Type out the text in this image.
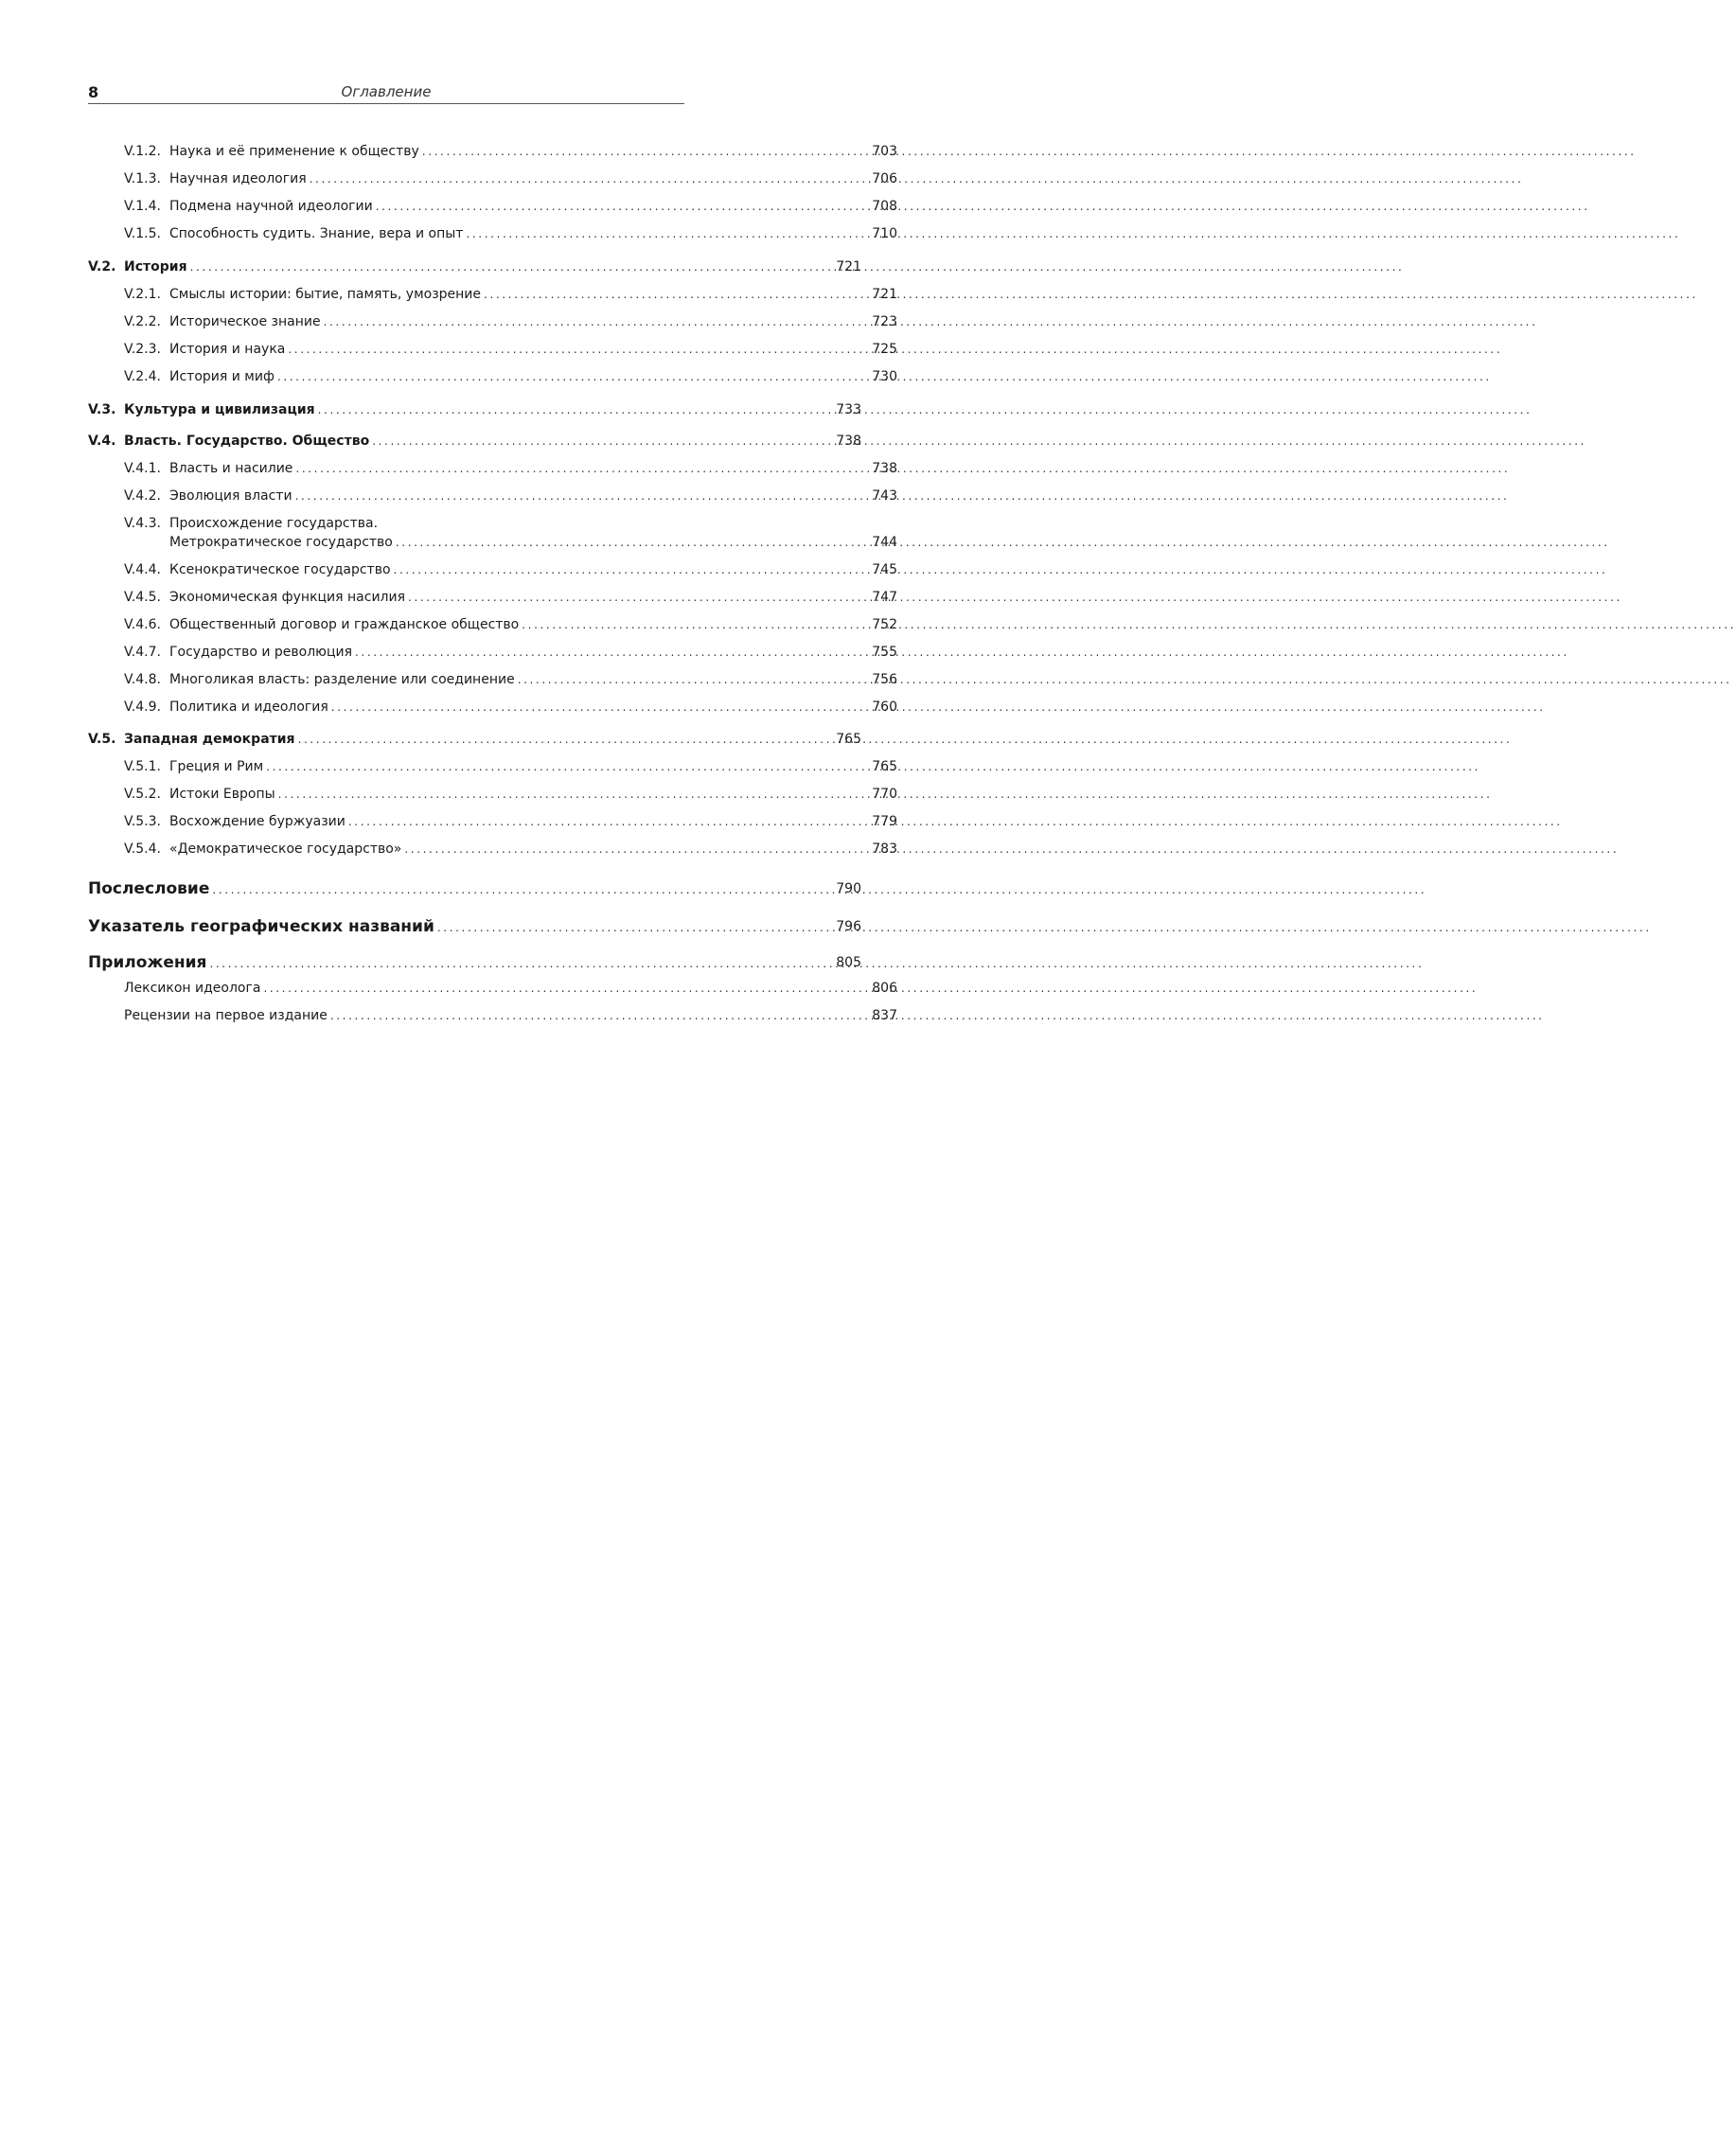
8	Оглавление
V.1.2. Наука и её применение к обществу .....	703
V.1.3. Научная идеология .....	706
V.1.4. Подмена научной идеологии .....	708
V.1.5. Способность судить. Знание, вера и опыт .....	710
V.2. История .....	721
V.2.1. Смыслы истории: бытие, память, умозрение .....	721
V.2.2. Историческое знание .....	723
V.2.3. История и наука .....	725
V.2.4. История и миф .....	730
V.3. Культура и цивилизация .....	733
V.4. Власть. Государство. Общество .....	738
V.4.1. Власть и насилие .....	738
V.4.2. Эволюция власти .....	743
V.4.3. Происхождение государства.
Метрократическое государство .....	744
V.4.4. Ксенократическое государство .....	745
V.4.5. Экономическая функция насилия .....	747
V.4.6. Общественный договор и гражданское общество .....	752
V.4.7. Государство и революция .....	755
V.4.8. Многоликая власть: разделение или соединение .....	756
V.4.9. Политика и идеология .....	760
V.5. Западная демократия .....	765
V.5.1. Греция и Рим .....	765
V.5.2. Истоки Европы .....	770
V.5.3. Восхождение буржуазии .....	779
V.5.4. «Демократическое государство» .....	783
Послесловие .....	790
Указатель географических названий .....	796
Приложения .....	805
Лексикон идеолога .....	806
Рецензии на первое издание .....	837
